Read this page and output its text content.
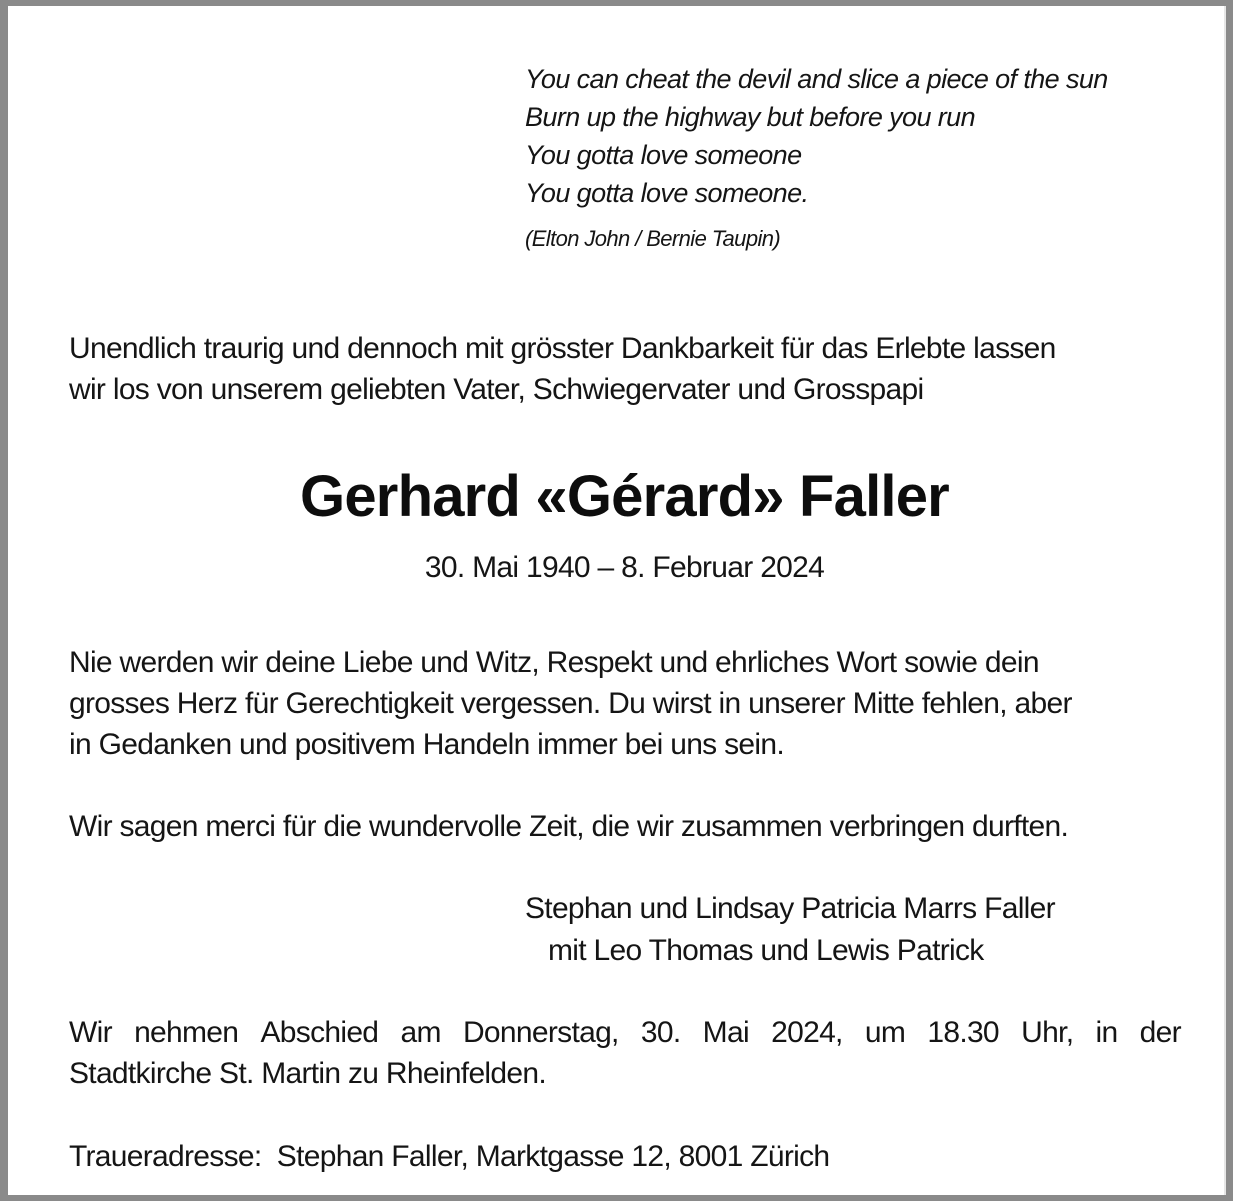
You can cheat the devil and slice a piece of the sun
Burn up the highway but before you run
You gotta love someone
You gotta love someone.
(Elton John / Bernie Taupin)
Unendlich traurig und dennoch mit grösster Dankbarkeit für das Erlebte lassen
wir los von unserem geliebten Vater, Schwiegervater und Grosspapi
Gerhard «Gérard» Faller
30. Mai 1940 – 8. Februar 2024
Nie werden wir deine Liebe und Witz, Respekt und ehrliches Wort sowie dein
grosses Herz für Gerechtigkeit vergessen. Du wirst in unserer Mitte fehlen, aber
in Gedanken und positivem Handeln immer bei uns sein.
Wir sagen merci für die wundervolle Zeit, die wir zusammen verbringen durften.
Stephan und Lindsay Patricia Marrs Faller
mit Leo Thomas und Lewis Patrick
Wir nehmen Abschied am Donnerstag, 30. Mai 2024, um 18.30 Uhr, in der
Stadtkirche St. Martin zu Rheinfelden.
Traueradresse: Stephan Faller, Marktgasse 12, 8001 Zürich
